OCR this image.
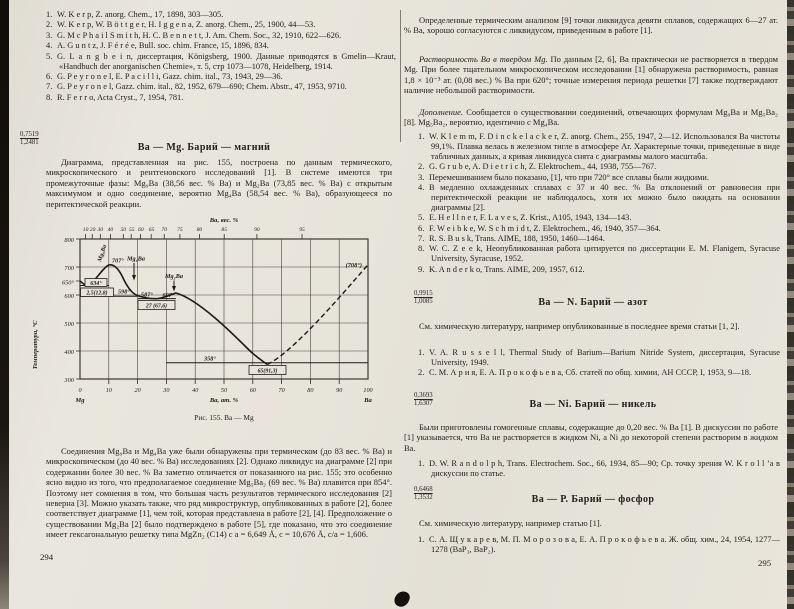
1. W. K e r p, Z. anorg. Chem., 17, 1898, 303—305.
2. W. K e r p, W. B ö t t g e r, H. I g g e n a, Z. anorg. Chem., 25, 1900, 44—53.
3. G. M c P h a i l S m i t h, H. C. B e n n e t t, J. Am. Chem. Soc., 32, 1910, 622—626.
4. A. G u n t z, J. F é r é e, Bull. soc. chim. France, 15, 1896, 834.
5. G. L a n g b e i n, диссертация, Königsberg, 1900. Данные приводятся в Gmelin—Kraut, «Handbuch der anorganischen Chemie», т. 5, стр 1073—1078, Heidelberg, 1914.
6. G. P e y r o n e l, E. P a c i l l i, Gazz. chim. ital., 73, 1943, 29—36.
7. G. P e y r o n e l, Gazz. chim. ital., 82, 1952, 679—690; Chem. Abstr., 47, 1953, 9710.
8. R. F e r r o, Acta Cryst., 7, 1954, 781.
0,7519
1,2481	Ва — Mg. Барий — магний
Диаграмма, представленная на рис. 155, построена по данным термического, микроскопического и рентгеновского исследований [1]. В системе имеются три промежуточные фазы: Mg₉Ba (38,56 вес. % Ва) и Mg₂Ba (73,85 вес. % Ва) с открытым максимумом и одно соединение, вероятно Mg₄Ba (58,54 вес. % Ва), образующееся по перитектической реакции.
Ва, вес. %
Температура, °С
10 20 30 40 50 55 60 65 70 75 80	85	90	95
800
700
650°
600
500
400
300
0	10	20	30	40	50	60	70	80	90	100
Mg	Ва
Ва, ат. %
Mg₉Ba 707° Mg₄Ba
Mg₂Ba
(708°)
634°
2,5(12,8) 598° 587° 607°
27 (67,6)
358°
65(91,3)
Рис. 155. Ва — Mg
Соединения Mg₉Ba и Mg₄Ba уже были обнаружены при термическом (до 83 вес. % Ва) и микроскопическом (до 40 вес. % Ва) исследованиях [2]. Однако ликвидус на диаграмме [2] при содержании более 30 вес. % Ва заметно отличается от показанного на рис. 155; это особенно ясно видно из того, что предполагаемое соединение Mg₅Ba₂ (69 вес. % Ва) плавится при 854°. Поэтому нет сомнения в том, что большая часть результатов термического исследования [2] неверна [3]. Можно указать также, что ряд микроструктур, опубликованных в работе [2], более соответствует диаграмме [1], чем той, которая представлена в работе [2], [4]. Предположение о существовании Mg₂Ba [2] было подтверждено в работе [5], где показано, что это соединение имеет гексагональную решетку типа MgZn₂ (C14) с a = 6,649 Å, c = 10,676 Å, c/a = 1,606.
294
Определенные термическим анализом [9] точки ликвидуса девяти сплавов, содержащих 6—27 ат. % Ва, хорошо согласуются с ликвидусом, приведенным в работе [1].
Растворимость Ва в твердом Mg. По данным [2, 6], Ва практически не растворяется в твердом Mg. При более тщательном микроскопическом исследовании [1] обнаружена растворимость, равная 1,8 × 10⁻³ ат. (0,08 вес.) % Ва при 620°; точные измерения периода решетки [7] также подтверждают наличие небольшой растворимости.
Дополнение. Сообщается о существовании соединений, отвечающих формулам Mg₉Ba и Mg₅Ba₂ [8]. Mg₅Ba₂, вероятно, идентично с Mg₄Ba.
1. W. K l e m m, F. D i n c k e l a c k e r, Z. anorg. Chem., 255, 1947, 2—12. Использовался Ва чистоты 99,1%. Плавка велась в железном тигле в атмосфере Ar. Характерные точки, приведенные в виде табличных данных, а кривая ликвидуса снята с диаграммы малого масштаба.
2. G. G r u b e, A. D i e t r i c h, Z. Elektrochem., 44, 1938, 755—767.
3. Перемешиванием было показано, [1], что при 720° все сплавы были жидкими.
4. В медленно охлажденных сплавах с 37 и 40 вес. % Ва отклонений от равновесия при перитектической реакции не наблюдалось, хотя их можно было ожидать на основании диаграммы [2].
5. E. H e l l n e r, F. L a v e s, Z. Krist., A105, 1943, 134—143.
6. F. W e i b k e, W. S c h m i d t, Z. Elektrochem., 46, 1940, 357—364.
7. R. S. B u s k, Trans. AIME, 188, 1950, 1460—1464.
8. W. C. Z e e k, Неопубликованная работа цитируется по диссертации E. M. Flanigem, Syracuse University, Syracuse, 1952.
9. K. A n d e r k o, Trans. AIME, 209, 1957, 612.
0,9915
1,0085	Ва — N. Барий — азот
См. химическую литературу, например опубликованные в последнее время статьи [1, 2].
1. V. A. R u s s e l l, Thermal Study of Barium—Barium Nitride System, диссертация, Syracuse University, 1949.
2. С. М. А р и я, Е. А. П р о к о ф ь е в а, Сб. статей по общ. химии, АН СССР, I, 1953, 9—18.
0,3693
1,6307	Ва — Ni. Барий — никель
Были приготовлены гомогенные сплавы, содержащие до 0,20 вес. % Ва [1]. В дискуссии по работе [1] указывается, что Ва не растворяется в жидком Ni, а Ni до некоторой степени растворим в жидком Ва.
1. D. W. R a n d o l p h, Trans. Electrochem. Soc., 66, 1934, 85—90; Ср. точку зрения W. K r o l l ’a в дискуссии по статье.
0,6468
1,3532	Ва — Р. Барий — фосфор
См. химическую литературу, например статью [1].
1. С. А. Щ у к а р е в, М. П. М о р о з о в а, Е. А. П р о к о ф ь е в а. Ж. общ. хим., 24, 1954, 1277—1278 (ВаР₃, ВаР₂).
295
